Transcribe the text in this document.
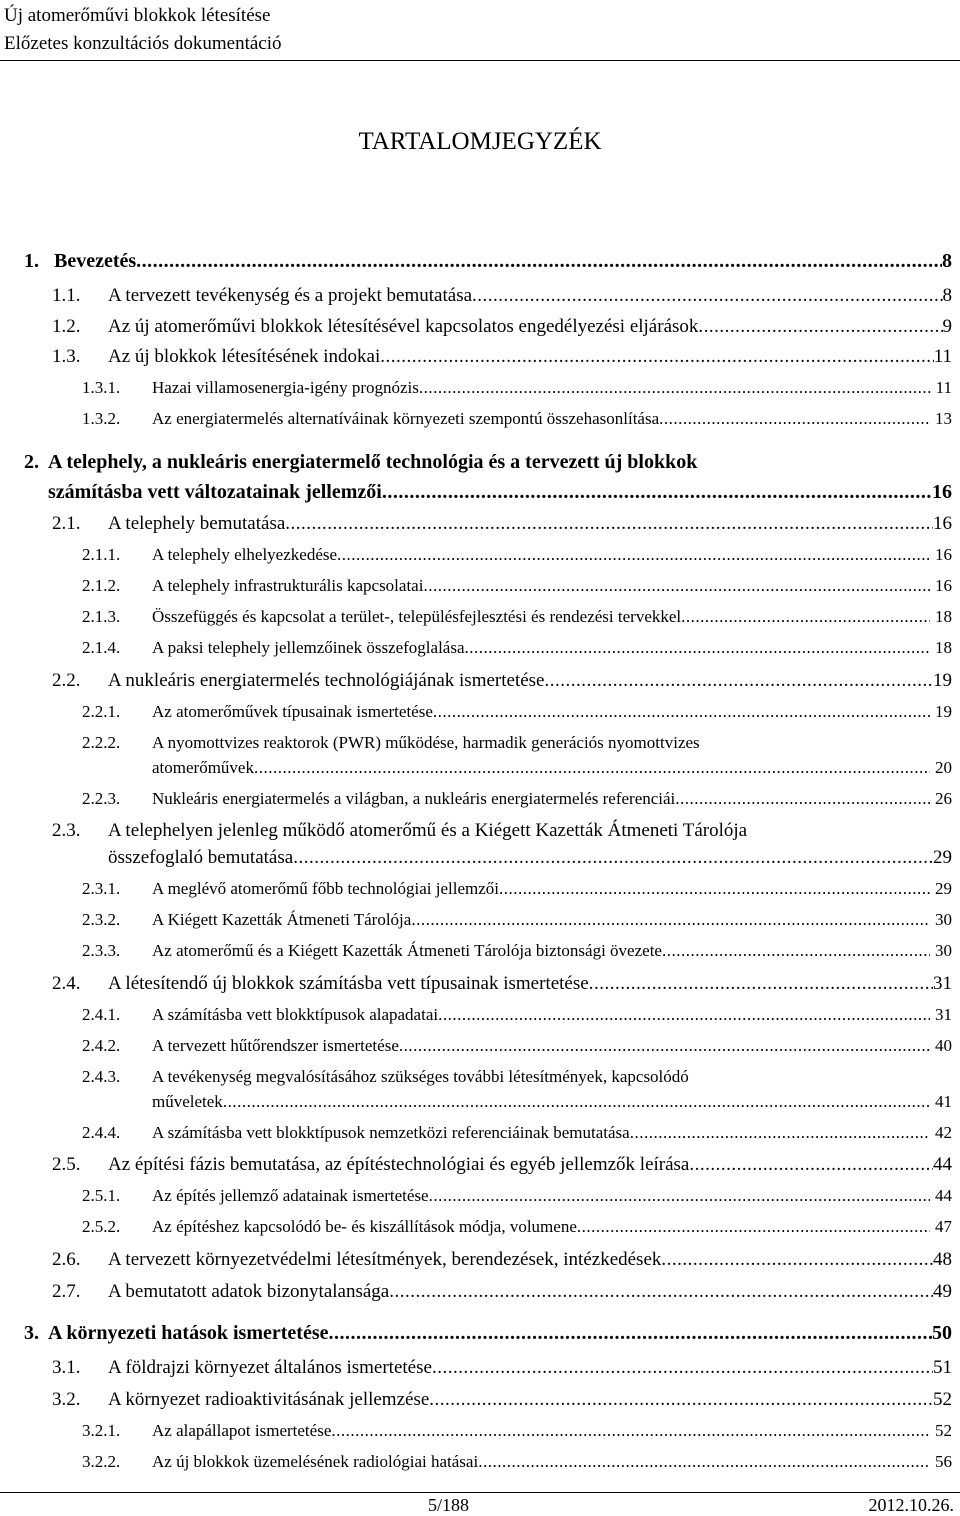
Új atomerőművi blokkok létesítése
Előzetes konzultációs dokumentáció
TARTALOMJEGYZÉK
1. Bevezetés .....	8
1.1.	A tervezett tevékenység és a projekt bemutatása .....	8
1.2.	Az új atomerőművi blokkok létesítésével kapcsolatos engedélyezési eljárások .....	9
1.3.	Az új blokkok létesítésének indokai .....	11
1.3.1.	Hazai villamosenergia-igény prognózis .....	11
1.3.2.	Az energiatermelés alternatíváinak környezeti szempontú összehasonlítása .....	13
2.A telephely, a nukleáris energiatermelő technológia és a tervezett új blokkok
számításba vett változatainak jellemzői .....	16
2.1.	A telephely bemutatása .....	16
2.1.1.	A telephely elhelyezkedése .....	16
2.1.2.	A telephely infrastrukturális kapcsolatai .....	16
2.1.3.	Összefüggés és kapcsolat a terület-, településfejlesztési és rendezési tervekkel .....	18
2.1.4.	A paksi telephely jellemzőinek összefoglalása .....	18
2.2.	A nukleáris energiatermelés technológiájának ismertetése .....	19
2.2.1.	Az atomerőművek típusainak ismertetése .....	19
2.2.2. A nyomottvizes reaktorok (PWR) működése, harmadik generációs nyomottvizes
atomerőművek .....	20
2.2.3.	Nukleáris energiatermelés a világban, a nukleáris energiatermelés referenciái .....	26
2.3. A telephelyen jelenleg működő atomerőmű és a Kiégett Kazetták Átmeneti Tárolója
összefoglaló bemutatása .....	29
2.3.1.	A meglévő atomerőmű főbb technológiai jellemzői .....	29
2.3.2.	A Kiégett Kazetták Átmeneti Tárolója .....	30
2.3.3.	Az atomerőmű és a Kiégett Kazetták Átmeneti Tárolója biztonsági övezete .....	30
2.4.	A létesítendő új blokkok számításba vett típusainak ismertetése .....	31
2.4.1.	A számításba vett blokktípusok alapadatai .....	31
2.4.2.	A tervezett hűtőrendszer ismertetése .....	40
2.4.3. A tevékenység megvalósításához szükséges további létesítmények, kapcsolódó
műveletek .....	41
2.4.4.	A számításba vett blokktípusok nemzetközi referenciáinak bemutatása .....	42
2.5.	Az építési fázis bemutatása, az építéstechnológiai és egyéb jellemzők leírása .....	44
2.5.1.	Az építés jellemző adatainak ismertetése .....	44
2.5.2.	Az építéshez kapcsolódó be- és kiszállítások módja, volumene .....	47
2.6.	A tervezett környezetvédelmi létesítmények, berendezések, intézkedések .....	48
2.7.	A bemutatott adatok bizonytalansága .....	49
3. A környezeti hatások ismertetése .....	50
3.1.	A földrajzi környezet általános ismertetése .....	51
3.2.	A környezet radioaktivitásának jellemzése .....	52
3.2.1.	Az alapállapot ismertetése .....	52
3.2.2.	Az új blokkok üzemelésének radiológiai hatásai .....	56
5/188	2012.10.26.
